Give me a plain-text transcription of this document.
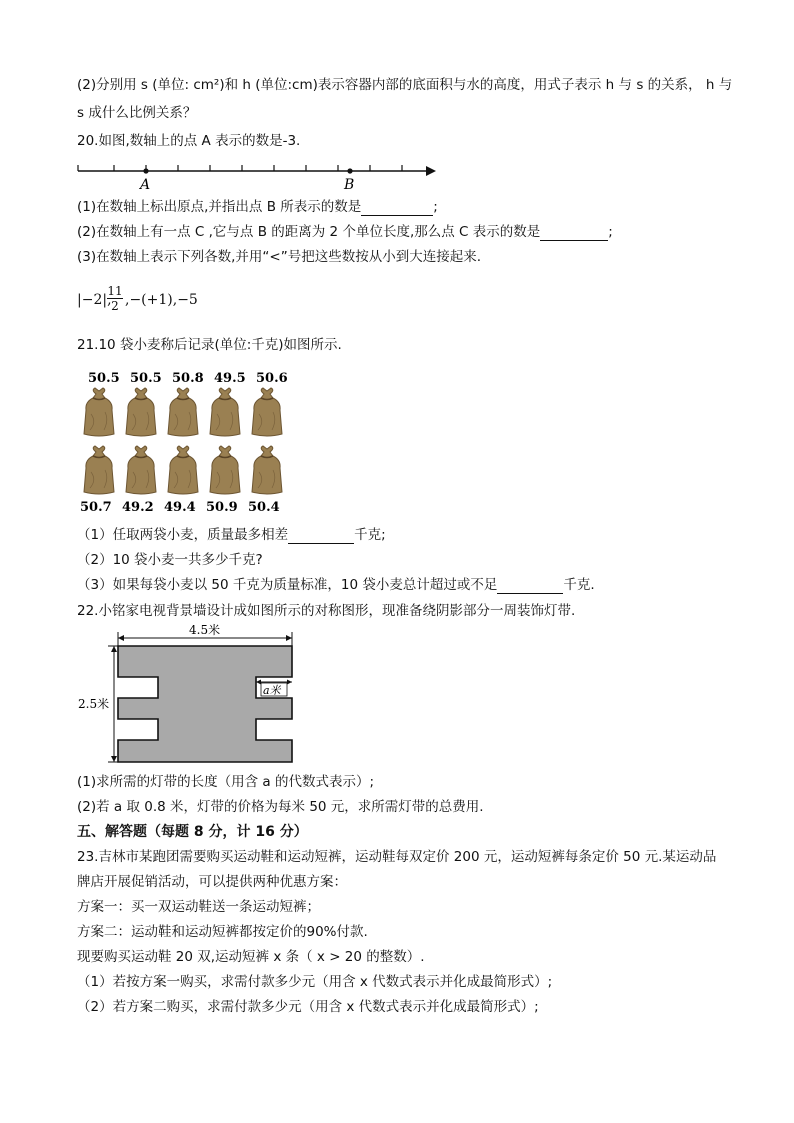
(2)分别用 s (单位: cm²)和 h (单位:cm)表示容器内部的底面积与水的高度，用式子表示 h 与 s 的关系， h 与
s 成什么比例关系？
20.如图,数轴上的点 A 表示的数是-3.
A	B
(1)在数轴上标出原点,并指出点 B 所表示的数是	;
(2)在数轴上有一点 C ,它与点 B 的距离为 2 个单位长度,那么点 C 表示的数是	;
(3)在数轴上表示下列各数,并用“<”号把这些数按从小到大连接起来.
|−2|,
11
2 ,−(+1),−5
21.10 袋小麦称后记录(单位:千克)如图所示.
50.5 50.5 50.8 49.5 50.6
50.7 49.2 49.4 50.9 50.4
（1）任取两袋小麦，质量最多相差	千克;
（2）10 袋小麦一共多少千克?
（3）如果每袋小麦以 50 千克为质量标准，10 袋小麦总计超过或不足	千克.
22.小铭家电视背景墙设计成如图所示的对称图形，现准备绕阴影部分一周装饰灯带.
4.5米
2.5米
a米
(1)求所需的灯带的长度（用含 a 的代数式表示）;
(2)若 a 取 0.8 米，灯带的价格为每米 50 元，求所需灯带的总费用.
五、解答题（每题 8 分，计 16 分）
23.吉林市某跑团需要购买运动鞋和运动短裤，运动鞋每双定价 200 元，运动短裤每条定价 50 元.某运动品
牌店开展促销活动，可以提供两种优惠方案：
方案一：买一双运动鞋送一条运动短裤；
方案二：运动鞋和运动短裤都按定价的90%付款.
现要购买运动鞋 20 双,运动短裤 x 条（ x > 20 的整数）.
（1）若按方案一购买，求需付款多少元（用含 x 代数式表示并化成最简形式）;
（2）若方案二购买，求需付款多少元（用含 x 代数式表示并化成最简形式）;
